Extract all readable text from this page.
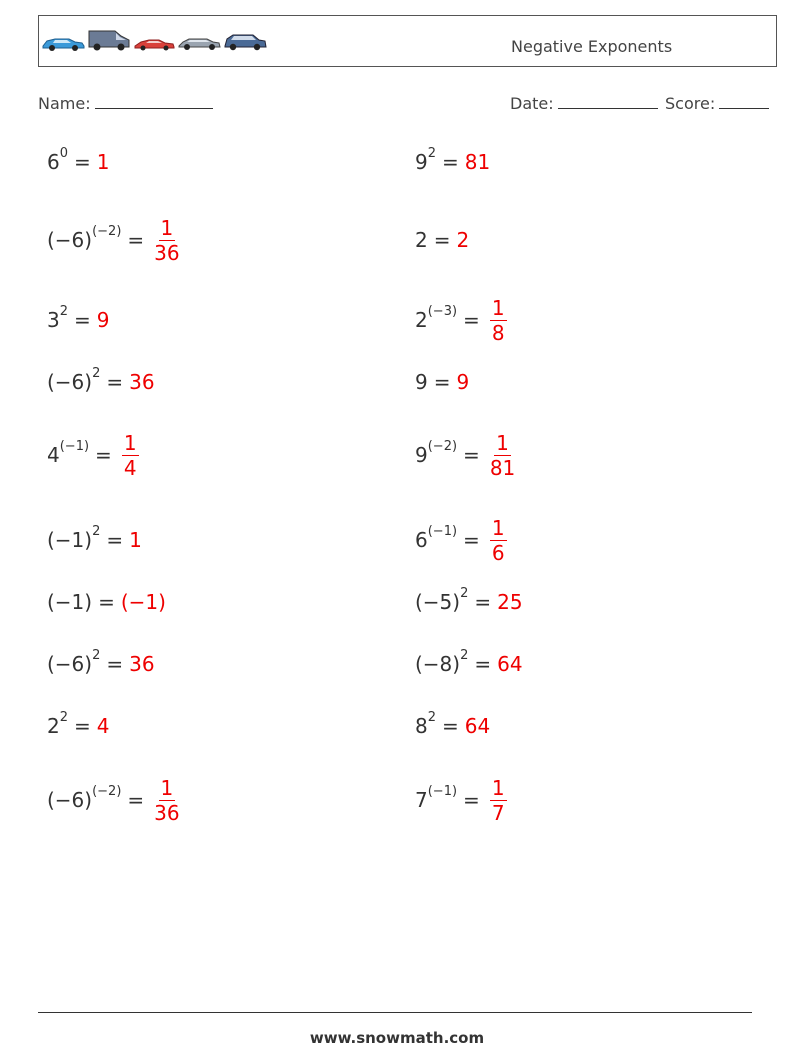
Negative Exponents
Name:	Date:	Score:
$6^0 = 1$
$(-6)^{(-2)} = \frac{1}{36}$
$3^2 = 9$
$(-6)^2 = 36$
$4^{(-1)} = \frac{1}{4}$
$(-1)^2 = 1$
(−1) = (−1)
$(-6)^2 = 36$
$2^2 = 4$
$(-6)^{(-2)} = \frac{1}{36}$
$9^2 = 81$
2 = 2
$2^{(-3)} = \frac{1}{8}$
9 = 9
$9^{(-2)} = \frac{1}{81}$
$6^{(-1)} = \frac{1}{6}$
$(-5)^2 = 25$
$(-8)^2 = 64$
$8^2 = 64$
$7^{(-1)} = \frac{1}{7}$
www.snowmath.com
